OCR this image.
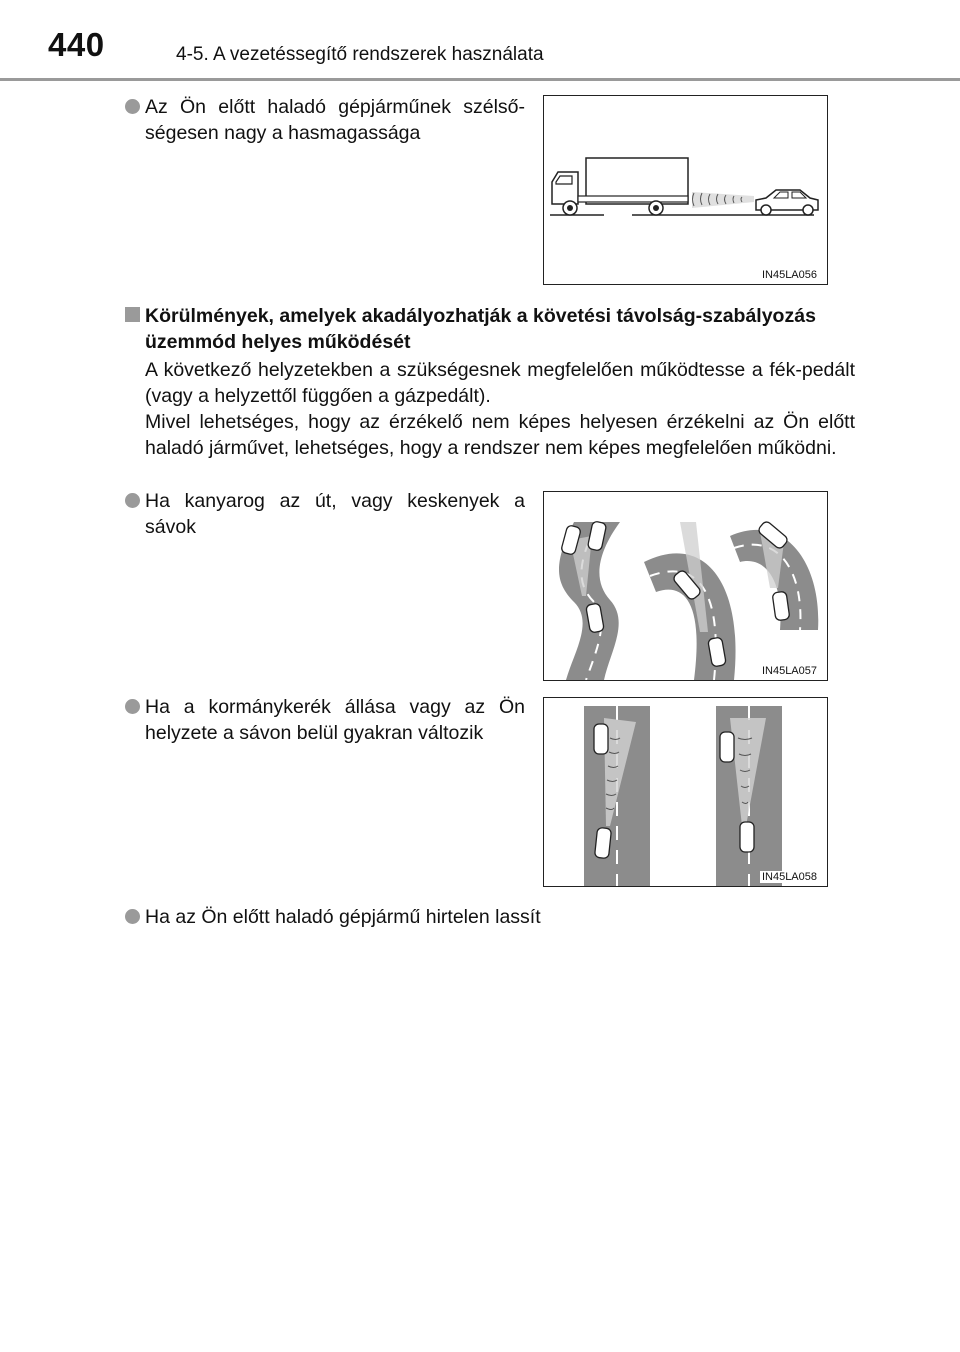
440	4-5. A vezetéssegítő rendszerek használata
Az Ön előtt haladó gépjárműnek szélső-ségesen nagy a hasmagassága
IN45LA056
Körülmények, amelyek akadályozhatják a követési távolság-szabályozás üzemmód helyes működését

A következő helyzetekben a szükségesnek megfelelően működtesse a fék-pedált (vagy a helyzettől függően a gázpedált).

Mivel lehetséges, hogy az érzékelő nem képes helyesen érzékelni az Ön előtt haladó járművet, lehetséges, hogy a rendszer nem képes megfelelően működni.

Ha kanyarog az út, vagy keskenyek a sávok
IN45LA057
Ha a kormánykerék állása vagy az Ön helyzete a sávon belül gyakran változik
IN45LA058
Ha az Ön előtt haladó gépjármű hirtelen lassít
